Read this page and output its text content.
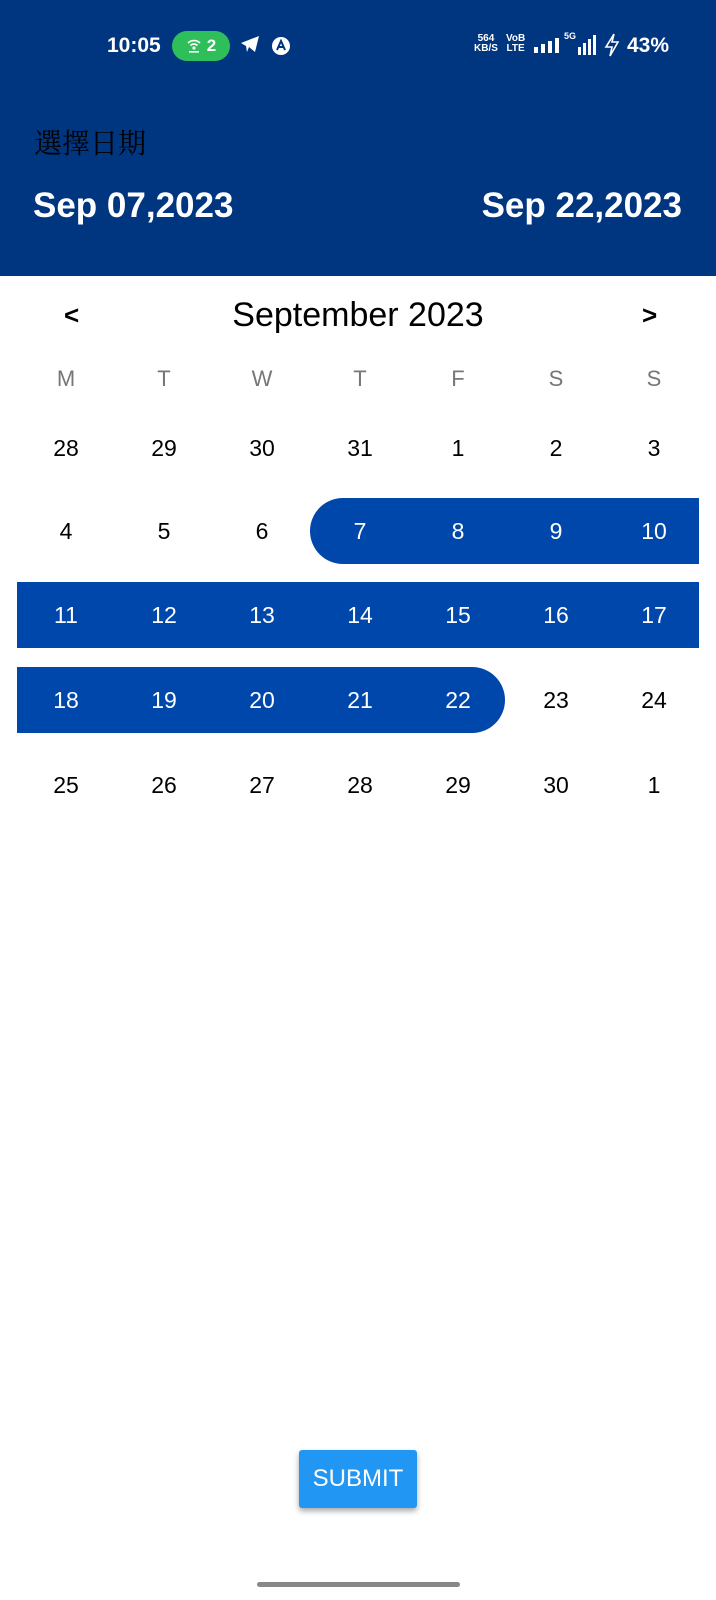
10:05	2	564
KB/S
VoB
LTE
5G 43%
選擇日期
Sep 07,2023	Sep 22,2023
September 2023
<	>
M	T	W	T	F	S	S
28	29	30	31	1	2	3
4	5	6	7	8	9	10
11	12	13	14	15	16	17
18	19	20	21	22	23	24
25	26	27	28	29	30	1
SUBMIT
